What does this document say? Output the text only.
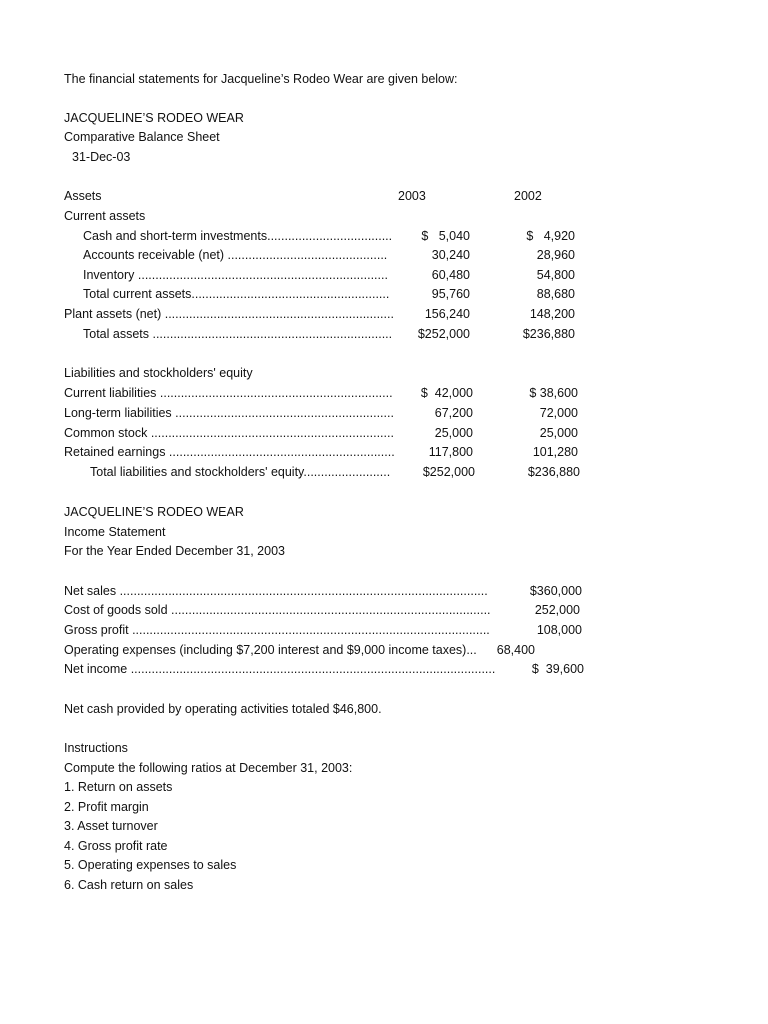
The financial statements for Jacqueline’s Rodeo Wear are given below:
JACQUELINE’S RODEO WEAR
Comparative Balance Sheet
31-Dec-03
Assets	2003	2002
Current assets
Cash and short-term investments....................................	$   5,040	$   4,920
Accounts receivable (net) ..............................................	30,240	28,960
Inventory ........................................................................	60,480	54,800
Total current assets.........................................................	95,760	88,680
Plant assets (net) ..................................................................	156,240	148,200
Total assets .....................................................................	$252,000	$236,880
Liabilities and stockholders' equity
Current liabilities ...................................................................	$  42,000	$ 38,600
Long-term liabilities ...............................................................	67,200	72,000
Common stock ......................................................................	25,000	25,000
Retained earnings .................................................................	117,800	101,280
Total liabilities and stockholders' equity.........................	$252,000	$236,880
JACQUELINE’S RODEO WEAR
Income Statement
For the Year Ended December 31, 2003
Net sales ..........................................................................................................	$360,000
Cost of goods sold ............................................................................................	252,000
Gross profit .......................................................................................................	108,000
Operating expenses (including $7,200 interest and $9,000 income taxes)...	68,400
Net income .........................................................................................................	$  39,600
Net cash provided by operating activities totaled $46,800.
Instructions
Compute the following ratios at December 31, 2003:
1. Return on assets
2. Profit margin
3. Asset turnover
4. Gross profit rate
5. Operating expenses to sales
6. Cash return on sales
